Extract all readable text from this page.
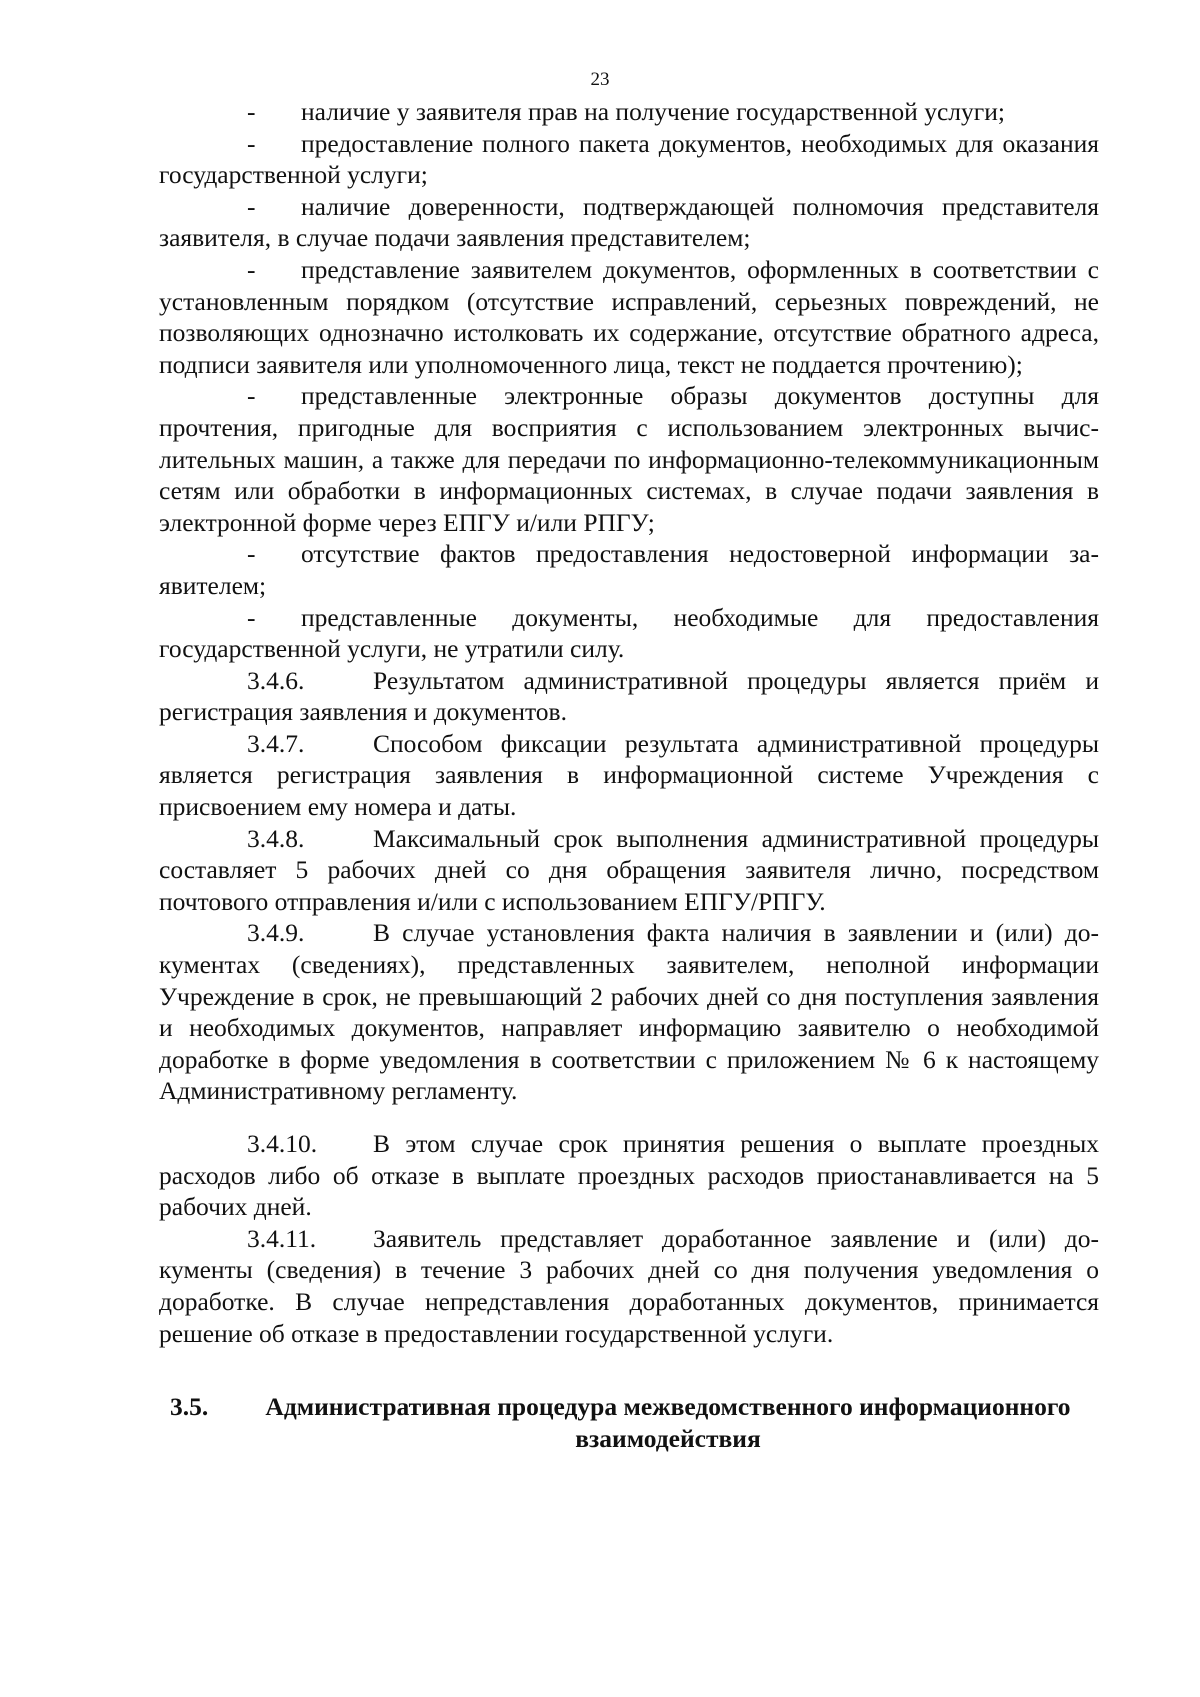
23

- наличие у заявителя прав на получение государственной услуги;

- предоставление полного пакета документов, необходимых для оказания государственной услуги;

- наличие доверенности, подтверждающей полномочия представителя заявителя, в случае подачи заявления представителем;

- представление заявителем документов, оформленных в соответствии с установленным порядком (отсутствие исправлений, серьезных повреждений, не позволяющих однозначно истолковать их содержание, отсутствие обратного адреса, подписи заявителя или уполномоченного лица, текст не поддается прочтению);

- представленные электронные образы документов доступны для прочтения, пригодные для восприятия с использованием электронных вычислительных машин, а также для передачи по информационно-телекоммуникационным сетям или обработки в информационных системах, в случае подачи заявления в электронной форме через ЕПГУ и/или РПГУ;

- отсутствие фактов предоставления недостоверной информации заявителем;

- представленные документы, необходимые для предоставления государственной услуги, не утратили силу.

3.4.6.	Результатом административной процедуры является приём и регистрация заявления и документов.

3.4.7.	Способом фиксации результата административной процедуры является регистрация заявления в информационной системе Учреждения с присвоением ему номера и даты.

3.4.8.	Максимальный срок выполнения административной процедуры составляет 5 рабочих дней со дня обращения заявителя лично, посредством почтового отправления и/или с использованием ЕПГУ/РПГУ.

3.4.9.	В случае установления факта наличия в заявлении и (или) документах (сведениях), представленных заявителем, неполной информации Учреждение в срок, не превышающий 2 рабочих дней со дня поступления заявления и необходимых документов, направляет информацию заявителю о необходимой доработке в форме уведомления в соответствии с приложением № 6 к настоящему Административному регламенту.

3.4.10. В этом случае срок принятия решения о выплате проездных расходов либо об отказе в выплате проездных расходов приостанавливается на 5 рабочих дней.

3.4.11. Заявитель представляет доработанное заявление и (или) документы (сведения) в течение 3 рабочих дней со дня получения уведомления о доработке. В случае непредставления доработанных документов, принимается решение об отказе в предоставлении государственной услуги.

3.5.	Административная процедура межведомственного информационного взаимодействия
